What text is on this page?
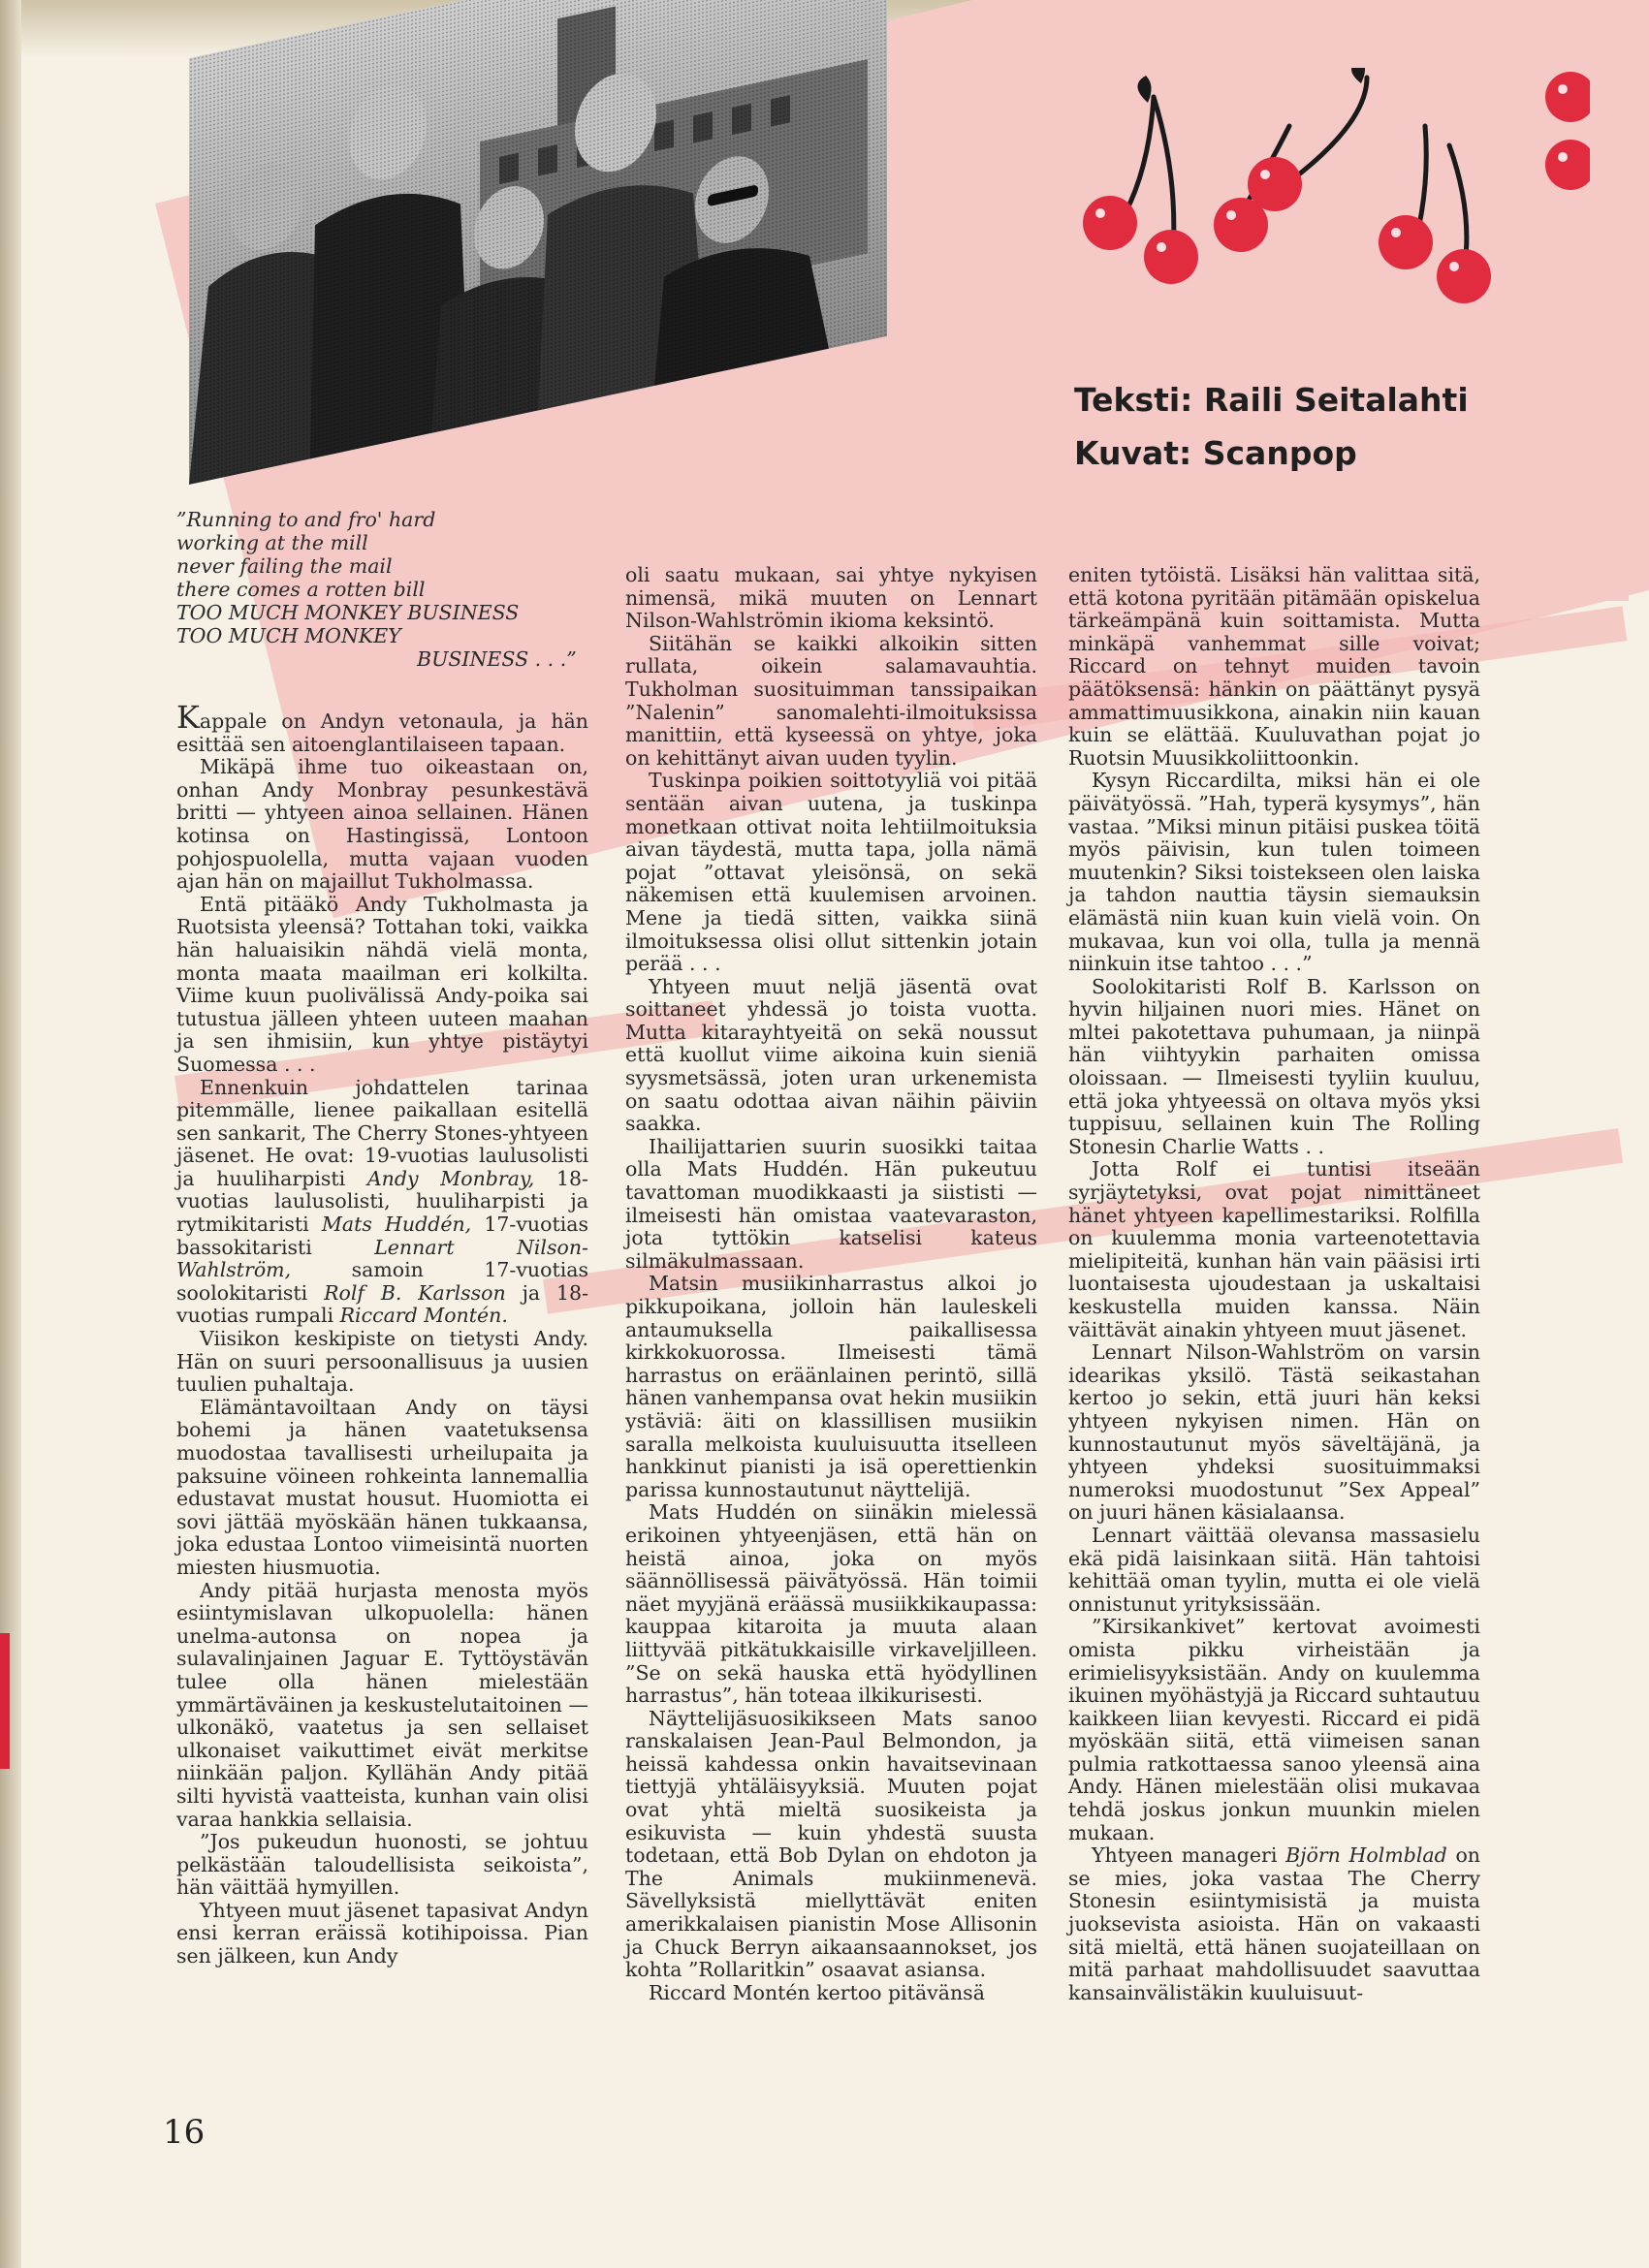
Teksti: Raili Seitalahti
Kuvat: Scanpop
”Running to and fro' hard
working at the mill
never failing the mail
there comes a rotten bill
TOO MUCH MONKEY BUSINESS
TOO MUCH MONKEY
BUSINESS . . .”

Kappale on Andyn vetonaula, ja hän esittää sen aitoenglantilaiseen tapaan.

Mikäpä ihme tuo oikeastaan on, onhan Andy Monbray pesunkestävä britti — yhtyeen ainoa sellainen. Hänen kotinsa on Hastingissä, Lontoon pohjospuolella, mutta vajaan vuoden ajan hän on majaillut Tukholmassa.

Entä pitääkö Andy Tukholmasta ja Ruotsista yleensä? Tottahan toki, vaikka hän haluaisikin nähdä vielä monta, monta maata maailman eri kolkilta. Viime kuun puolivälissä Andy-poika sai tutustua jälleen yhteen uuteen maahan ja sen ihmisiin, kun yhtye pistäytyi Suomessa . . .

Ennenkuin johdattelen tarinaa pitemmälle, lienee paikallaan esitellä sen sankarit, The Cherry Stones-yhtyeen jäsenet. He ovat: 19-vuotias laulusolisti ja huuliharpisti Andy Monbray, 18-vuotias laulusolisti, huuliharpisti ja rytmikitaristi Mats Huddén, 17-vuotias bassokitaristi Lennart Nilson-Wahlström, samoin 17-vuotias soolokitaristi Rolf B. Karlsson ja 18-vuotias rumpali Riccard Montén.

Viisikon keskipiste on tietysti Andy. Hän on suuri persoonallisuus ja uusien tuulien puhaltaja.

Elämäntavoiltaan Andy on täysi bohemi ja hänen vaatetuksensa muodostaa tavallisesti urheilupaita ja paksuine vöineen rohkeinta lannemallia edustavat mustat housut. Huomiotta ei sovi jättää myöskään hänen tukkaansa, joka edustaa Lontoo viimeisintä nuorten miesten hiusmuotia.

Andy pitää hurjasta menosta myös esiintymislavan ulkopuolella: hänen unelma-autonsa on nopea ja sulavalinjainen Jaguar E. Tyttöystävän tulee olla hänen mielestään ymmärtäväinen ja keskustelutaitoinen — ulkonäkö, vaatetus ja sen sellaiset ulkonaiset vaikuttimet eivät merkitse niinkään paljon. Kyllähän Andy pitää silti hyvistä vaatteista, kunhan vain olisi varaa hankkia sellaisia.

”Jos pukeudun huonosti, se johtuu pelkästään taloudellisista seikoista”, hän väittää hymyillen.

Yhtyeen muut jäsenet tapasivat Andyn ensi kerran eräissä kotihipoissa. Pian sen jälkeen, kun Andy

oli saatu mukaan, sai yhtye nykyisen nimensä, mikä muuten on Lennart Nilson-Wahlströmin ikioma keksintö.

Siitähän se kaikki alkoikin sitten rullata, oikein salamavauhtia. Tukholman suosituimman tanssipaikan ”Nalenin” sanomalehti-ilmoituksissa manittiin, että kyseessä on yhtye, joka on kehittänyt aivan uuden tyylin.

Tuskinpa poikien soittotyyliä voi pitää sentään aivan uutena, ja tuskinpa monetkaan ottivat noita lehtiilmoituksia aivan täydestä, mutta tapa, jolla nämä pojat ”ottavat yleisönsä, on sekä näkemisen että kuulemisen arvoinen. Mene ja tiedä sitten, vaikka siinä ilmoituksessa olisi ollut sittenkin jotain perää . . .

Yhtyeen muut neljä jäsentä ovat soittaneet yhdessä jo toista vuotta. Mutta kitarayhtyeitä on sekä noussut että kuollut viime aikoina kuin sieniä syysmetsässä, joten uran urkenemista on saatu odottaa aivan näihin päiviin saakka.

Ihailijattarien suurin suosikki taitaa olla Mats Huddén. Hän pukeutuu tavattoman muodikkaasti ja siististi — ilmeisesti hän omistaa vaatevaraston, jota tyttökin katselisi kateus silmäkulmassaan.

Matsin musiikinharrastus alkoi jo pikkupoikana, jolloin hän lauleskeli antaumuksella paikallisessa kirkkokuorossa. Ilmeisesti tämä harrastus on eräänlainen perintö, sillä hänen vanhempansa ovat hekin musiikin ystäviä: äiti on klassillisen musiikin saralla melkoista kuuluisuutta itselleen hankkinut pianisti ja isä operettienkin parissa kunnostautunut näyttelijä.

Mats Huddén on siinäkin mielessä erikoinen yhtyeenjäsen, että hän on heistä ainoa, joka on myös säännöllisessä päivätyössä. Hän toimii näet myyjänä eräässä musiikkikaupassa: kauppaa kitaroita ja muuta alaan liittyvää pitkätukkaisille virkaveljilleen. ”Se on sekä hauska että hyödyllinen harrastus”, hän toteaa ilkikurisesti.

Näyttelijäsuosikikseen Mats sanoo ranskalaisen Jean-Paul Belmondon, ja heissä kahdessa onkin havaitsevinaan tiettyjä yhtäläisyyksiä. Muuten pojat ovat yhtä mieltä suosikeista ja esikuvista — kuin yhdestä suusta todetaan, että Bob Dylan on ehdoton ja The Animals mukiinmenevä. Sävellyksistä miellyttävät eniten amerikkalaisen pianistin Mose Allisonin ja Chuck Berryn aikaansaannokset, jos kohta ”Rollaritkin” osaavat asiansa.

Riccard Montén kertoo pitävänsä

eniten tytöistä. Lisäksi hän valittaa sitä, että kotona pyritään pitämään opiskelua tärkeämpänä kuin soittamista. Mutta minkäpä vanhemmat sille voivat; Riccard on tehnyt muiden tavoin päätöksensä: hänkin on päättänyt pysyä ammattimuusikkona, ainakin niin kauan kuin se elättää. Kuuluvathan pojat jo Ruotsin Muusikkoliittoonkin.

Kysyn Riccardilta, miksi hän ei ole päivätyössä. ”Hah, typerä kysymys”, hän vastaa. ”Miksi minun pitäisi puskea töitä myös päivisin, kun tulen toimeen muutenkin? Siksi toistekseen olen laiska ja tahdon nauttia täysin siemauksin elämästä niin kuan kuin vielä voin. On mukavaa, kun voi olla, tulla ja mennä niinkuin itse tahtoo . . .”

Soolokitaristi Rolf B. Karlsson on hyvin hiljainen nuori mies. Hänet on mltei pakotettava puhumaan, ja niinpä hän viihtyykin parhaiten omissa oloissaan. — Ilmeisesti tyyliin kuuluu, että joka yhtyeessä on oltava myös yksi tuppisuu, sellainen kuin The Rolling Stonesin Charlie Watts . .

Jotta Rolf ei tuntisi itseään syrjäytetyksi, ovat pojat nimittäneet hänet yhtyeen kapellimestariksi. Rolfilla on kuulemma monia varteenotettavia mielipiteitä, kunhan hän vain pääsisi irti luontaisesta ujoudestaan ja uskaltaisi keskustella muiden kanssa. Näin väittävät ainakin yhtyeen muut jäsenet.

Lennart Nilson-Wahlström on varsin idearikas yksilö. Tästä seikastahan kertoo jo sekin, että juuri hän keksi yhtyeen nykyisen nimen. Hän on kunnostautunut myös säveltäjänä, ja yhtyeen yhdeksi suosituimmaksi numeroksi muodostunut ”Sex Appeal” on juuri hänen käsialaansa.

Lennart väittää olevansa massasielu ekä pidä laisinkaan siitä. Hän tahtoisi kehittää oman tyylin, mutta ei ole vielä onnistunut yrityksissään.

”Kirsikankivet” kertovat avoimesti omista pikku virheistään ja erimielisyyksistään. Andy on kuulemma ikuinen myöhästyjä ja Riccard suhtautuu kaikkeen liian kevyesti. Riccard ei pidä myöskään siitä, että viimeisen sanan pulmia ratkottaessa sanoo yleensä aina Andy. Hänen mielestään olisi mukavaa tehdä joskus jonkun muunkin mielen mukaan.

Yhtyeen manageri Björn Holmblad on se mies, joka vastaa The Cherry Stonesin esiintymisistä ja muista juoksevista asioista. Hän on vakaasti sitä mieltä, että hänen suojateillaan on mitä parhaat mahdollisuudet saavuttaa kansainvälistäkin kuuluisuut-

16
